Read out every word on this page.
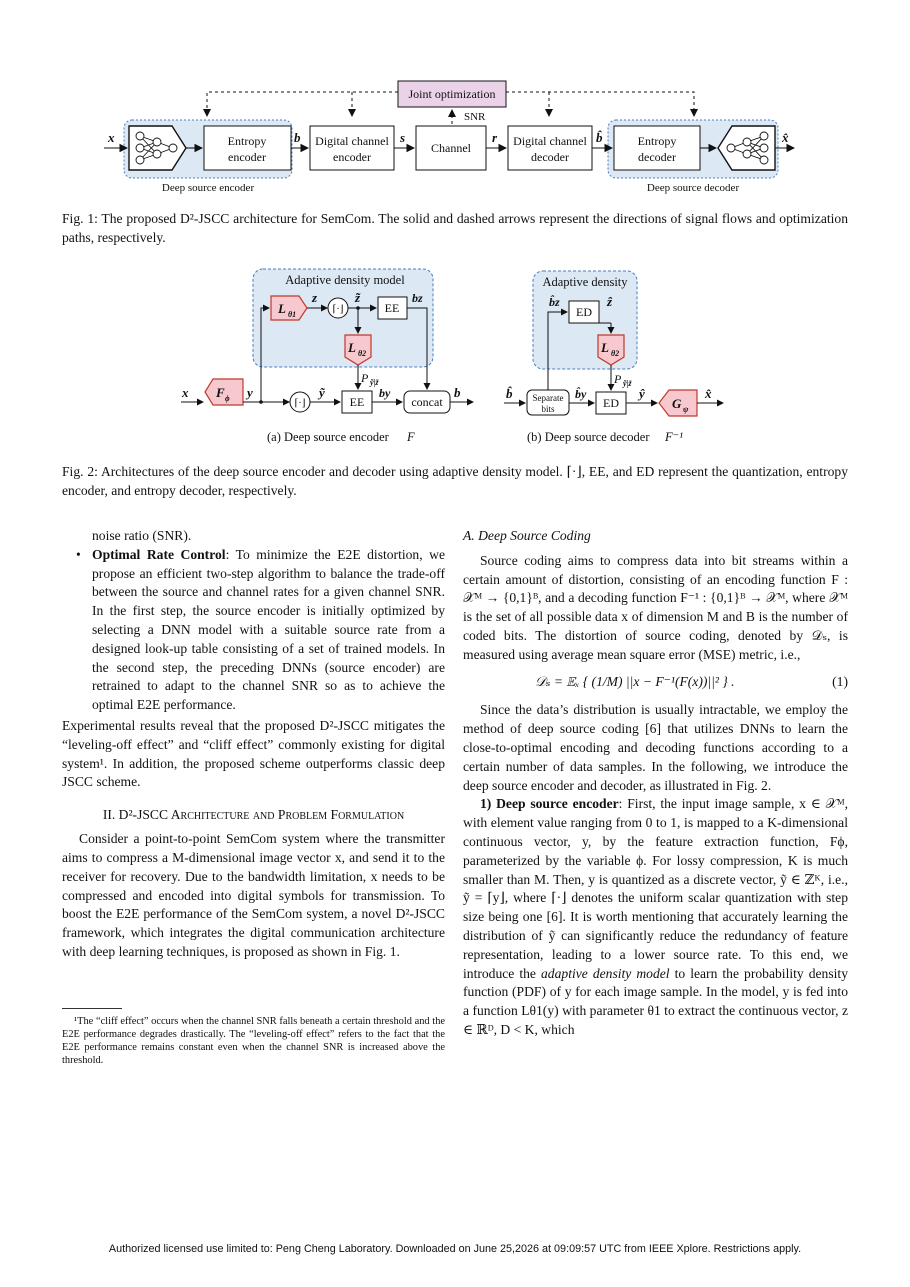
Joint optimization
SNR
Entropy
encoder
Digital channel
encoder
Channel	Digital channel
decoder
Entropy
decoder
x	b	s	r	b̂	x̂
Deep source encoder	Deep source decoder
Fig. 1: The proposed D²-JSCC architecture for SemCom. The solid and dashed arrows represent the directions of signal flows and optimization paths, respectively.
Adaptive density model
L θ1	⌈·⌋	EE
L θ2
F ϕ	⌈·⌋	EE	concat
x	y
z	z̃	bz
P ỹ|z̃
ỹ	by	b
Adaptive density
ED
L θ2
Separate
bits	ED	G ψ
b̂
b̂z	ẑ
P ỹ|z̃
b̂y	ŷ	x̂
(a) Deep source encoder F	(b) Deep source decoder F⁻¹
Fig. 2: Architectures of the deep source encoder and decoder using adaptive density model. ⌈·⌋, EE, and ED represent the quantization, entropy encoder, and entropy decoder, respectively.

noise ratio (SNR).

• Optimal Rate Control: To minimize the E2E distortion, we propose an efficient two-step algorithm to balance the trade-off between the source and channel rates for a given channel SNR. In the first step, the source encoder is initially optimized by selecting a DNN model with a suitable source rate from a designed look-up table consisting of a set of trained models. In the second step, the preceding DNNs (source encoder) are retrained to adapt to the channel SNR so as to achieve the optimal E2E performance.

Experimental results reveal that the proposed D²-JSCC mitigates the “leveling-off effect” and “cliff effect” commonly existing for digital system¹. In addition, the proposed scheme outperforms classic deep JSCC scheme.

II. D²-JSCC Architecture and Problem Formulation

Consider a point-to-point SemCom system where the transmitter aims to compress a M-dimensional image vector x, and send it to the receiver for recovery. Due to the bandwidth limitation, x needs to be compressed and encoded into digital symbols for transmission. To boost the E2E performance of the SemCom system, a novel D²-JSCC framework, which integrates the digital communication architecture with deep learning techniques, is proposed as shown in Fig. 1.

¹The “cliff effect” occurs when the channel SNR falls beneath a certain threshold and the E2E performance degrades drastically. The “leveling-off effect” refers to the fact that the E2E performance remains constant even when the channel SNR is increased above the threshold.
A. Deep Source Coding

Source coding aims to compress data into bit streams within a certain amount of distortion, consisting of an encoding function F : 𝒳ᴹ → {0,1}ᴮ, and a decoding function F⁻¹ : {0,1}ᴮ → 𝒳ᴹ, where 𝒳ᴹ is the set of all possible data x of dimension M and B is the number of coded bits. The distortion of source coding, denoted by 𝒟ₛ, is measured using average mean square error (MSE) metric, i.e.,

𝒟ₛ = 𝔼ₓ { (1/M) ||x − F⁻¹(F(x))||² } .	(1)

Since the data’s distribution is usually intractable, we employ the method of deep source coding [6] that utilizes DNNs to learn the close-to-optimal encoding and decoding functions according to a certain number of data samples. In the following, we introduce the deep source encoder and decoder, as illustrated in Fig. 2.

1) Deep source encoder: First, the input image sample, x ∈ 𝒳ᴹ, with element value ranging from 0 to 1, is mapped to a K-dimensional continuous vector, y, by the feature extraction function, Fϕ, parameterized by the variable ϕ. For lossy compression, K is much smaller than M. Then, y is quantized as a discrete vector, ỹ ∈ ℤᴷ, i.e., ỹ = ⌈y⌋, where ⌈·⌋ denotes the uniform scalar quantization with step size being one [6]. It is worth mentioning that accurately learning the distribution of ỹ can significantly reduce the redundancy of feature representation, leading to a lower source rate. To this end, we introduce the adaptive density model to learn the probability density function (PDF) of y for each image sample. In the model, y is fed into a function Lθ1(y) with parameter θ1 to extract the continuous vector, z ∈ ℝᴰ, D < K, which

Authorized licensed use limited to: Peng Cheng Laboratory. Downloaded on June 25,2026 at 09:09:57 UTC from IEEE Xplore. Restrictions apply.
